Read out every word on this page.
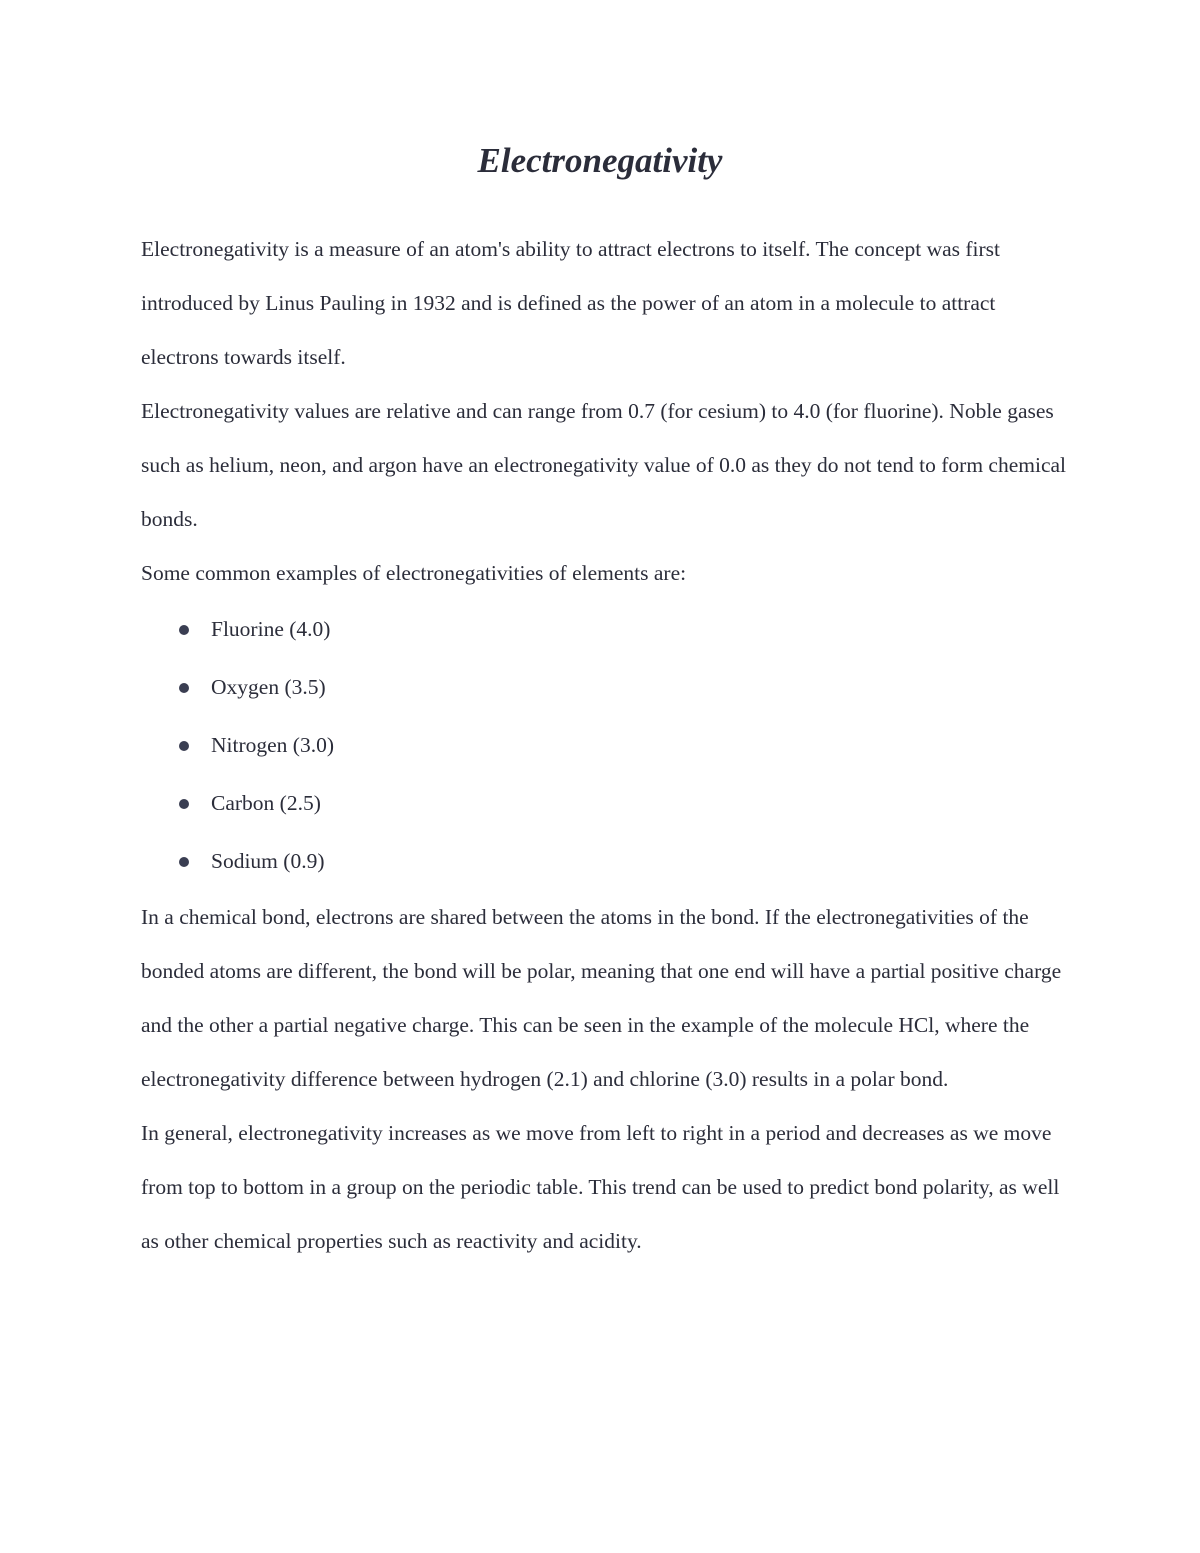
Electronegativity

Electronegativity is a measure of an atom's ability to attract electrons to itself. The concept was first introduced by Linus Pauling in 1932 and is defined as the power of an atom in a molecule to attract electrons towards itself.

Electronegativity values are relative and can range from 0.7 (for cesium) to 4.0 (for fluorine). Noble gases such as helium, neon, and argon have an electronegativity value of 0.0 as they do not tend to form chemical bonds.

Some common examples of electronegativities of elements are:

Fluorine (4.0)
Oxygen (3.5)
Nitrogen (3.0)
Carbon (2.5)
Sodium (0.9)

In a chemical bond, electrons are shared between the atoms in the bond. If the electronegativities of the bonded atoms are different, the bond will be polar, meaning that one end will have a partial positive charge and the other a partial negative charge. This can be seen in the example of the molecule HCl, where the electronegativity difference between hydrogen (2.1) and chlorine (3.0) results in a polar bond.

In general, electronegativity increases as we move from left to right in a period and decreases as we move from top to bottom in a group on the periodic table. This trend can be used to predict bond polarity, as well as other chemical properties such as reactivity and acidity.
